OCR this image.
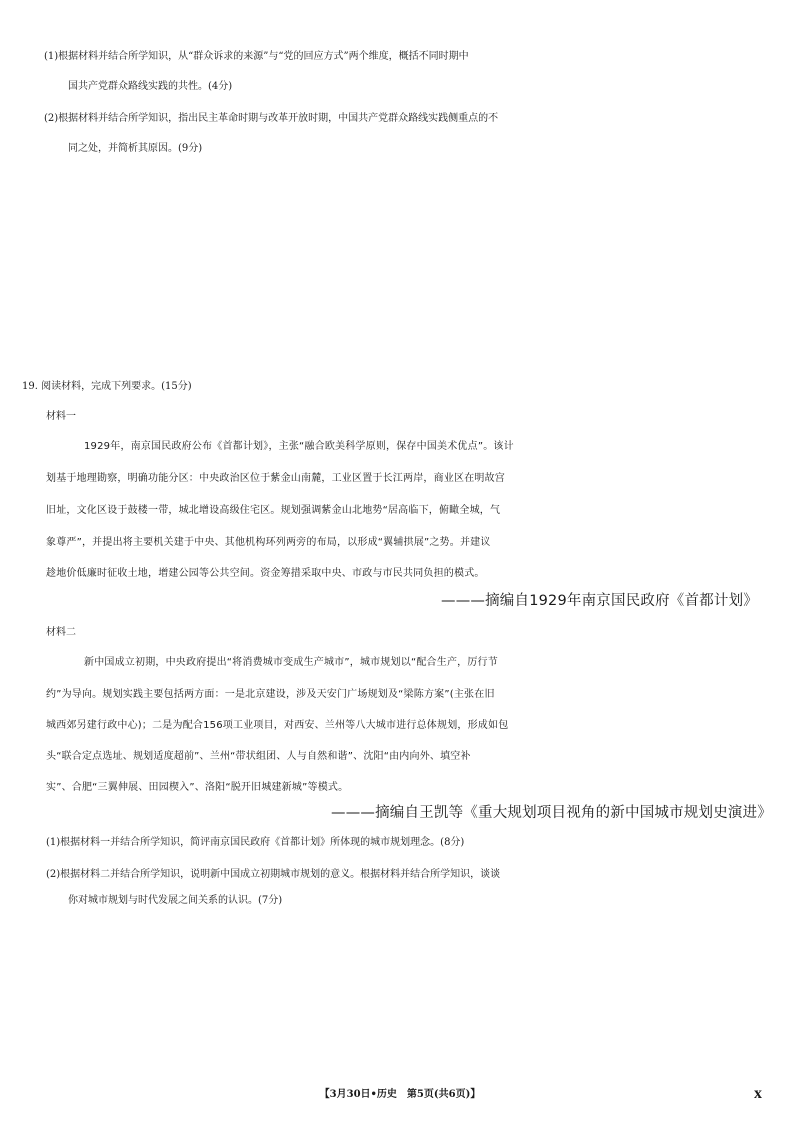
(1)根据材料并结合所学知识，从“群众诉求的来源”与“党的回应方式”两个维度，概括不同时期中
国共产党群众路线实践的共性。(4分)
(2)根据材料并结合所学知识，指出民主革命时期与改革开放时期，中国共产党群众路线实践侧重点的不
同之处，并简析其原因。(9分)
19. 阅读材料，完成下列要求。(15分)
材料一
1929年，南京国民政府公布《首都计划》，主张“融合欧美科学原则，保存中国美术优点”。该计
划基于地理勘察，明确功能分区：中央政治区位于紫金山南麓，工业区置于长江两岸，商业区在明故宫
旧址，文化区设于鼓楼一带，城北增设高级住宅区。规划强调紫金山北地势“居高临下，俯瞰全城，气
象尊严”，并提出将主要机关建于中央、其他机构环列两旁的布局，以形成“翼辅拱展”之势。并建议
趁地价低廉时征收土地，增建公园等公共空间。资金筹措采取中央、市政与市民共同负担的模式。
———摘编自1929年南京国民政府《首都计划》
材料二
新中国成立初期，中央政府提出“将消费城市变成生产城市”，城市规划以“配合生产，厉行节
约”为导向。规划实践主要包括两方面：一是北京建设，涉及天安门广场规划及“梁陈方案”(主张在旧
城西郊另建行政中心)；二是为配合156项工业项目，对西安、兰州等八大城市进行总体规划，形成如包
头“联合定点选址、规划适度超前”、兰州“带状组团、人与自然和谐”、沈阳“由内向外、填空补
实”、合肥“三翼伸展、田园楔入”、洛阳“脱开旧城建新城”等模式。
———摘编自王凯等《重大规划项目视角的新中国城市规划史演进》
(1)根据材料一并结合所学知识，简评南京国民政府《首都计划》所体现的城市规划理念。(8分)
(2)根据材料二并结合所学知识，说明新中国成立初期城市规划的意义。根据材料并结合所学知识，谈谈
你对城市规划与时代发展之间关系的认识。(7分)
【3月30日•历史　第5页(共6页)】	x
